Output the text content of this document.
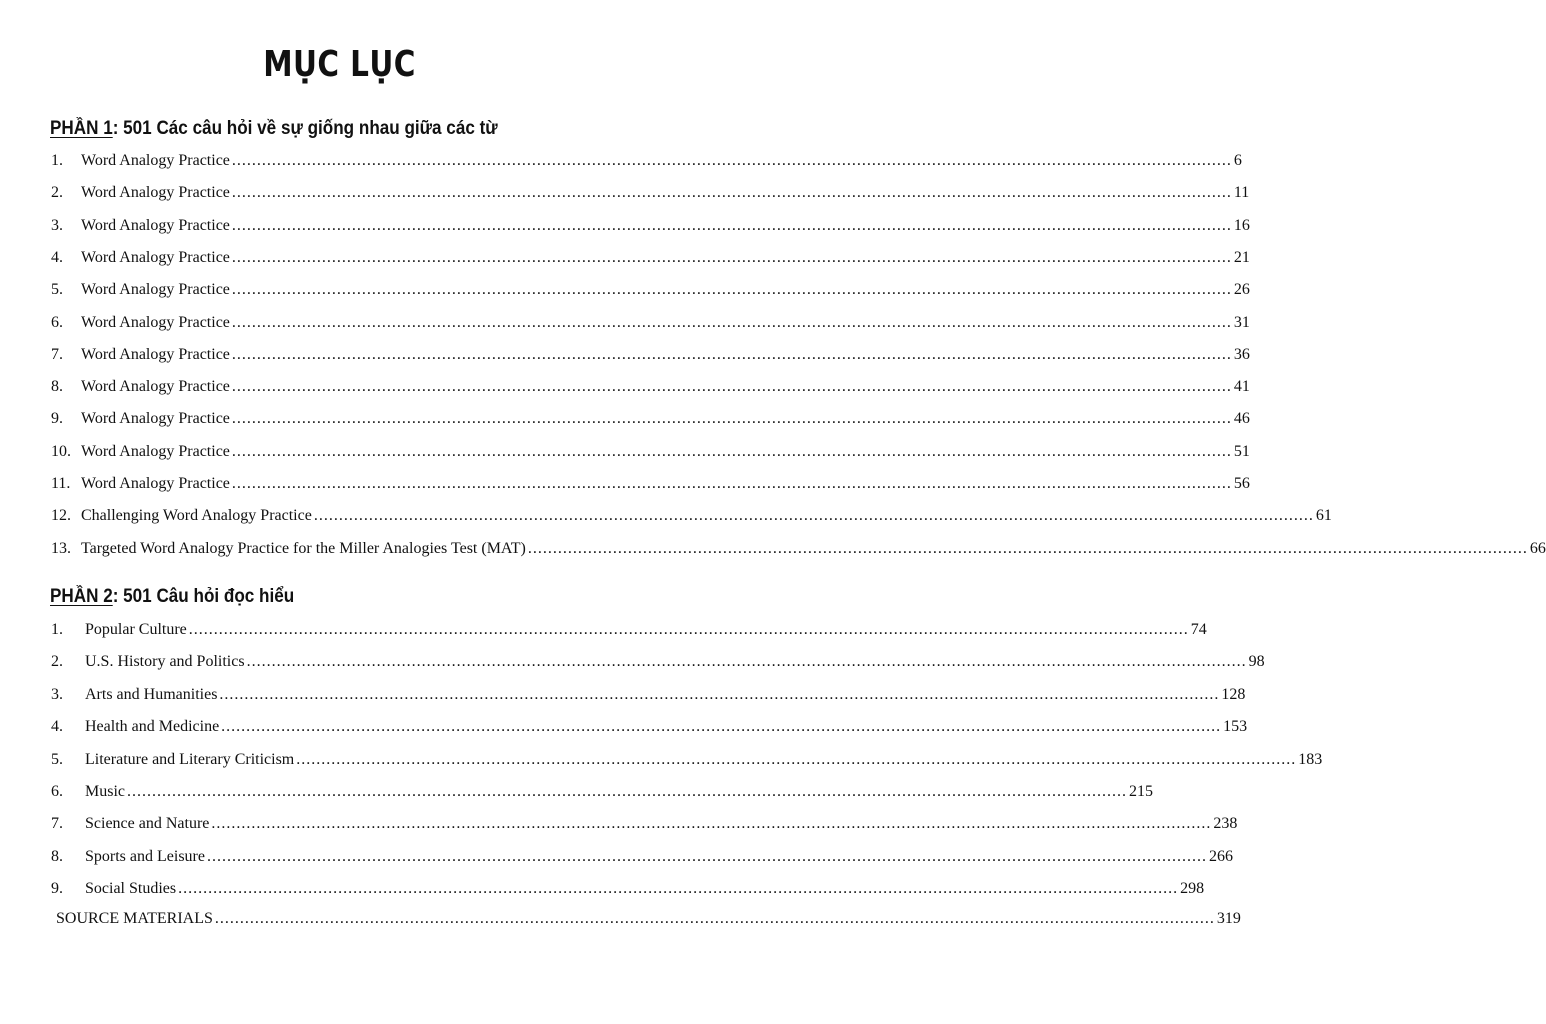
MỤC LỤC
PHẦN 1: 501 Các câu hỏi về sự giống nhau giữa các từ
1.	Word Analogy Practice ........................................................................................................................................................................................................ 6
2.	Word Analogy Practice ........................................................................................................................................................................................................ 11
3.	Word Analogy Practice ........................................................................................................................................................................................................ 16
4.	Word Analogy Practice ........................................................................................................................................................................................................ 21
5.	Word Analogy Practice ........................................................................................................................................................................................................ 26
6.	Word Analogy Practice ........................................................................................................................................................................................................ 31
7.	Word Analogy Practice ........................................................................................................................................................................................................ 36
8.	Word Analogy Practice ........................................................................................................................................................................................................ 41
9.	Word Analogy Practice ........................................................................................................................................................................................................ 46
10. Word Analogy Practice ........................................................................................................................................................................................................ 51
11. Word Analogy Practice ........................................................................................................................................................................................................ 56
12. Challenging Word Analogy Practice ........................................................................................................................................................................................................ 61
13. Targeted Word Analogy Practice for the Miller Analogies Test (MAT) ........................................................................................................................................................................................................ 66
PHẦN 2: 501 Câu hỏi đọc hiểu
1.	Popular Culture ........................................................................................................................................................................................................ 74
2.	U.S. History and Politics ........................................................................................................................................................................................................ 98
3.	Arts and Humanities ........................................................................................................................................................................................................ 128
4.	Health and Medicine ........................................................................................................................................................................................................ 153
5.	Literature and Literary Criticism ........................................................................................................................................................................................................ 183
6.	Music ........................................................................................................................................................................................................ 215
7.	Science and Nature ........................................................................................................................................................................................................ 238
8.	Sports and Leisure ........................................................................................................................................................................................................ 266
9.	Social Studies ........................................................................................................................................................................................................ 298
SOURCE MATERIALS ........................................................................................................................................................................................................ 319
